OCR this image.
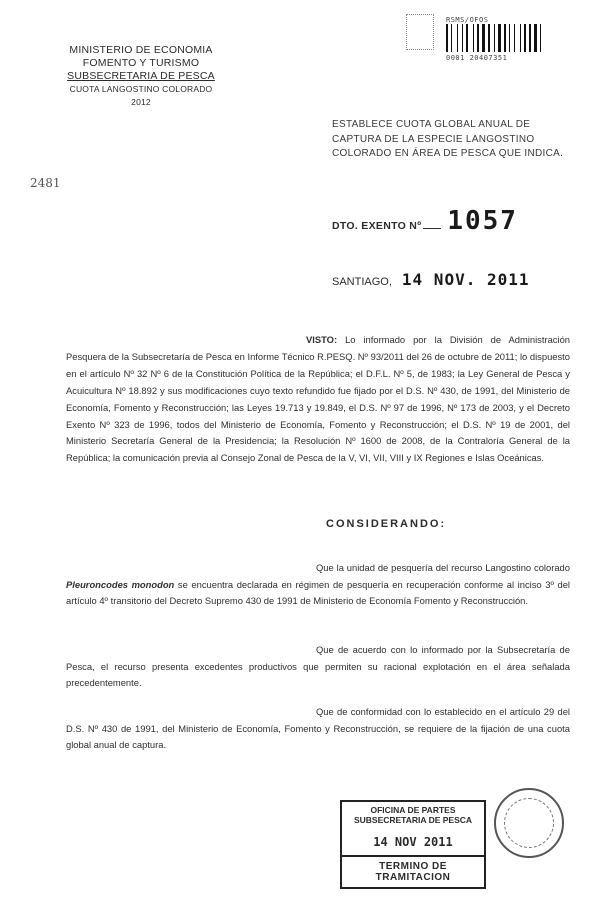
MINISTERIO DE ECONOMIA
FOMENTO Y TURISMO
SUBSECRETARIA DE PESCA
CUOTA LANGOSTINO COLORADO 2012
RSMS/OFOS
0001 20407351
2481
ESTABLECE CUOTA GLOBAL ANUAL DE CAPTURA DE LA ESPECIE LANGOSTINO COLORADO EN ÁREA DE PESCA QUE INDICA.
DTO. EXENTO Nº 1057
SANTIAGO, 14 NOV. 2011

VISTO: Lo informado por la División de Administración Pesquera de la Subsecretaría de Pesca en Informe Técnico R.PESQ. Nº 93/2011 del 26 de octubre de 2011; lo dispuesto en el artículo Nº 32 Nº 6 de la Constitución Política de la República; el D.F.L. Nº 5, de 1983; la Ley General de Pesca y Acuicultura Nº 18.892 y sus modificaciones cuyo texto refundido fue fijado por el D.S. Nº 430, de 1991, del Ministerio de Economía, Fomento y Reconstrucción; las Leyes 19.713 y 19.849, el D.S. Nº 97 de 1996, Nº 173 de 2003, y el Decreto Exento Nº 323 de 1996, todos del Ministerio de Economía, Fomento y Reconstrucción; el D.S. Nº 19 de 2001, del Ministerio Secretaría General de la Presidencia; la Resolución Nº 1600 de 2008, de la Contraloría General de la República; la comunicación previa al Consejo Zonal de Pesca de la V, VI, VII, VIII y IX Regiones e Islas Oceánicas.

CONSIDERANDO:
Que la unidad de pesquería del recurso Langostino colorado Pleuroncodes monodon se encuentra declarada en régimen de pesquería en recuperación conforme al inciso 3º del artículo 4º transitorio del Decreto Supremo 430 de 1991 de Ministerio de Economía Fomento y Reconstrucción.
Que de acuerdo con lo informado por la Subsecretaría de Pesca, el recurso presenta excedentes productivos que permiten su racional explotación en el área señalada precedentemente.
Que de conformidad con lo establecido en el artículo 29 del D.S. Nº 430 de 1991, del Ministerio de Economía, Fomento y Reconstrucción, se requiere de la fijación de una cuota global anual de captura.
OFICINA DE PARTES
SUBSECRETARIA DE PESCA
14 NOV 2011
TERMINO DE TRAMITACION
